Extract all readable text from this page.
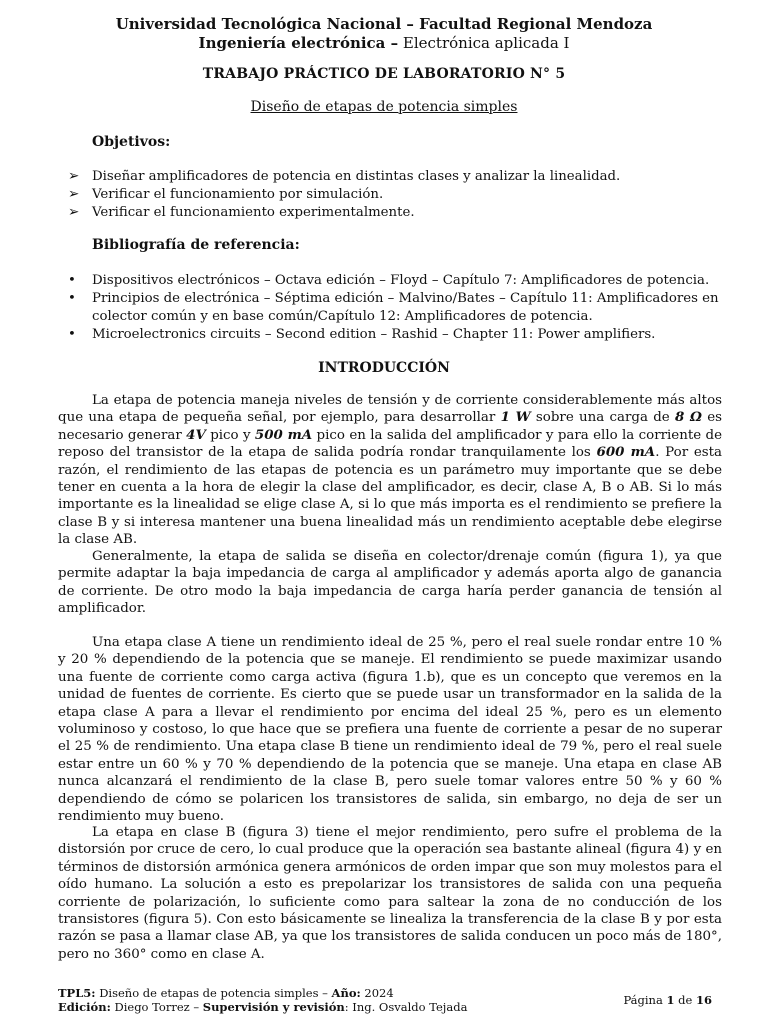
Universidad Tecnológica Nacional – Facultad Regional Mendoza
Ingeniería electrónica – Electrónica aplicada I
TRABAJO PRÁCTICO DE LABORATORIO N° 5
Diseño de etapas de potencia simples
Objetivos:
➢ Diseñar amplificadores de potencia en distintas clases y analizar la linealidad.
➢ Verificar el funcionamiento por simulación.
➢ Verificar el funcionamiento experimentalmente.
Bibliografía de referencia:
• Dispositivos electrónicos – Octava edición – Floyd – Capítulo 7: Amplificadores de potencia.
• Principios de electrónica – Séptima edición – Malvino/Bates – Capítulo 11: Amplificadores en colector común y en base común/Capítulo 12: Amplificadores de potencia.
• Microelectronics circuits – Second edition – Rashid – Chapter 11: Power amplifiers.
INTRODUCCIÓN

La etapa de potencia maneja niveles de tensión y de corriente considerablemente más altos que una etapa de pequeña señal, por ejemplo, para desarrollar 1 W sobre una carga de 8 Ω es necesario generar 4V pico y 500 mA pico en la salida del amplificador y para ello la corriente de reposo del transistor de la etapa de salida podría rondar tranquilamente los 600 mA. Por esta razón, el rendimiento de las etapas de potencia es un parámetro muy importante que se debe tener en cuenta a la hora de elegir la clase del amplificador, es decir, clase A, B o AB. Si lo más importante es la linealidad se elige clase A, si lo que más importa es el rendimiento se prefiere la clase B y si interesa mantener una buena linealidad más un rendimiento aceptable debe elegirse la clase AB.

Generalmente, la etapa de salida se diseña en colector/drenaje común (figura 1), ya que permite adaptar la baja impedancia de carga al amplificador y además aporta algo de ganancia de corriente. De otro modo la baja impedancia de carga haría perder ganancia de tensión al amplificador.

Una etapa clase A tiene un rendimiento ideal de 25 %, pero el real suele rondar entre 10 % y 20 % dependiendo de la potencia que se maneje. El rendimiento se puede maximizar usando una fuente de corriente como carga activa (figura 1.b), que es un concepto que veremos en la unidad de fuentes de corriente. Es cierto que se puede usar un transformador en la salida de la etapa clase A para a llevar el rendimiento por encima del ideal 25 %, pero es un elemento voluminoso y costoso, lo que hace que se prefiera una fuente de corriente a pesar de no superar el 25 % de rendimiento. Una etapa clase B tiene un rendimiento ideal de 79 %, pero el real suele estar entre un 60 % y 70 % dependiendo de la potencia que se maneje. Una etapa en clase AB nunca alcanzará el rendimiento de la clase B, pero suele tomar valores entre 50 % y 60 % dependiendo de cómo se polaricen los transistores de salida, sin embargo, no deja de ser un rendimiento muy bueno.

La etapa en clase B (figura 3) tiene el mejor rendimiento, pero sufre el problema de la distorsión por cruce de cero, lo cual produce que la operación sea bastante alineal (figura 4) y en términos de distorsión armónica genera armónicos de orden impar que son muy molestos para el oído humano. La solución a esto es prepolarizar los transistores de salida con una pequeña corriente de polarización, lo suficiente como para saltear la zona de no conducción de los transistores (figura 5). Con esto básicamente se linealiza la transferencia de la clase B y por esta razón se pasa a llamar clase AB, ya que los transistores de salida conducen un poco más de 180°, pero no 360° como en clase A.

TPL5: Diseño de etapas de potencia simples – Año: 2024
Edición: Diego Torrez – Supervisión y revisión: Ing. Osvaldo Tejada	Página 1 de 16
